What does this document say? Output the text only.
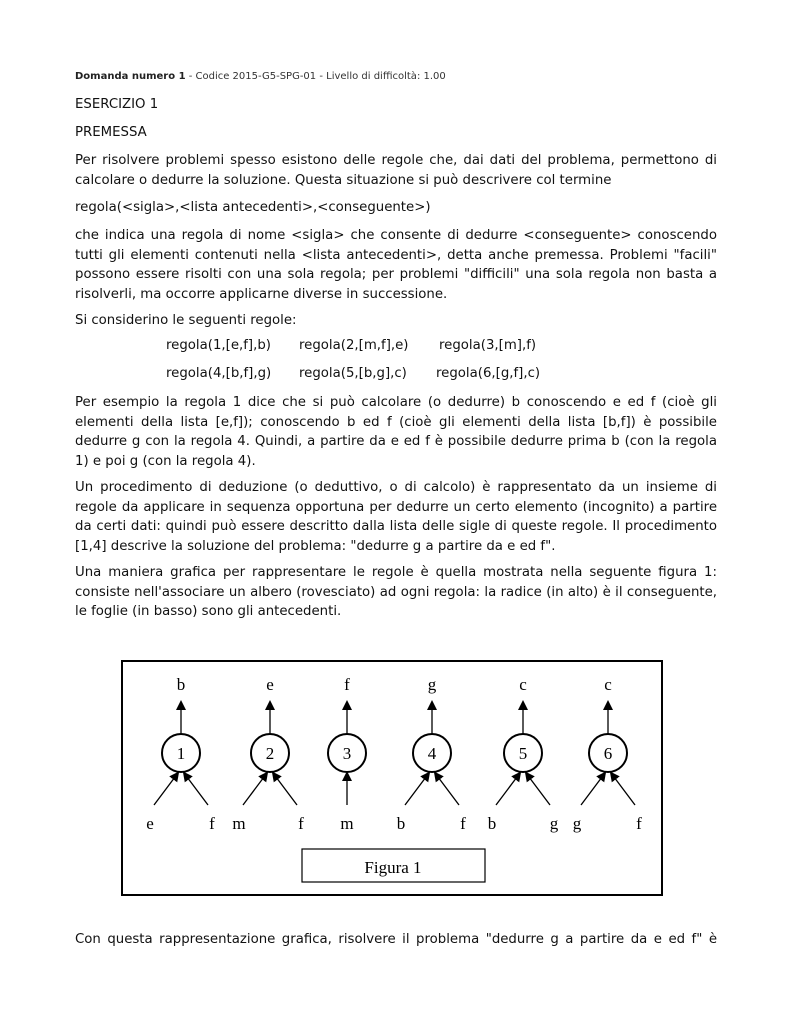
Domanda numero 1 - Codice 2015-G5-SPG-01 - Livello di difficoltà: 1.00
ESERCIZIO 1
PREMESSA

Per risolvere problemi spesso esistono delle regole che, dai dati del problema, permettono di calcolare o dedurre la soluzione. Questa situazione si può descrivere col termine

regola(<sigla>,<lista antecedenti>,<conseguente>)

che indica una regola di nome <sigla> che consente di dedurre <conseguente> conoscendo tutti gli elementi contenuti nella <lista antecedenti>, detta anche premessa. Problemi "facili" possono essere risolti con una sola regola; per problemi "difficili" una sola regola non basta a risolverli, ma occorre applicarne diverse in successione.

Si considerino le seguenti regole:
regola(1,[e,f],b) regola(2,[m,f],e) regola(3,[m],f)
regola(4,[b,f],g) regola(5,[b,g],c) regola(6,[g,f],c)

Per esempio la regola 1 dice che si può calcolare (o dedurre) b conoscendo e ed f (cioè gli elementi della lista [e,f]); conoscendo b ed f (cioè gli elementi della lista [b,f]) è possibile dedurre g con la regola 4. Quindi, a partire da e ed f è possibile dedurre prima b (con la regola 1) e poi g (con la regola 4).

Un procedimento di deduzione (o deduttivo, o di calcolo) è rappresentato da un insieme di regole da applicare in sequenza opportuna per dedurre un certo elemento (incognito) a partire da certi dati: quindi può essere descritto dalla lista delle sigle di queste regole. Il procedimento [1,4] descrive la soluzione del problema: "dedurre g a partire da e ed f".

Una maniera grafica per rappresentare le regole è quella mostrata nella seguente figura 1: consiste nell'associare un albero (rovesciato) ad ogni regola: la radice (in alto) è il conseguente, le foglie (in basso) sono gli antecedenti.

b
1
e	f
e
2
m	f
f
3
m
g
4
b	f
c
5
b	g
c
6
g	f
Figura 1
Con questa rappresentazione grafica, risolvere il problema "dedurre g a partire da e ed f" è
